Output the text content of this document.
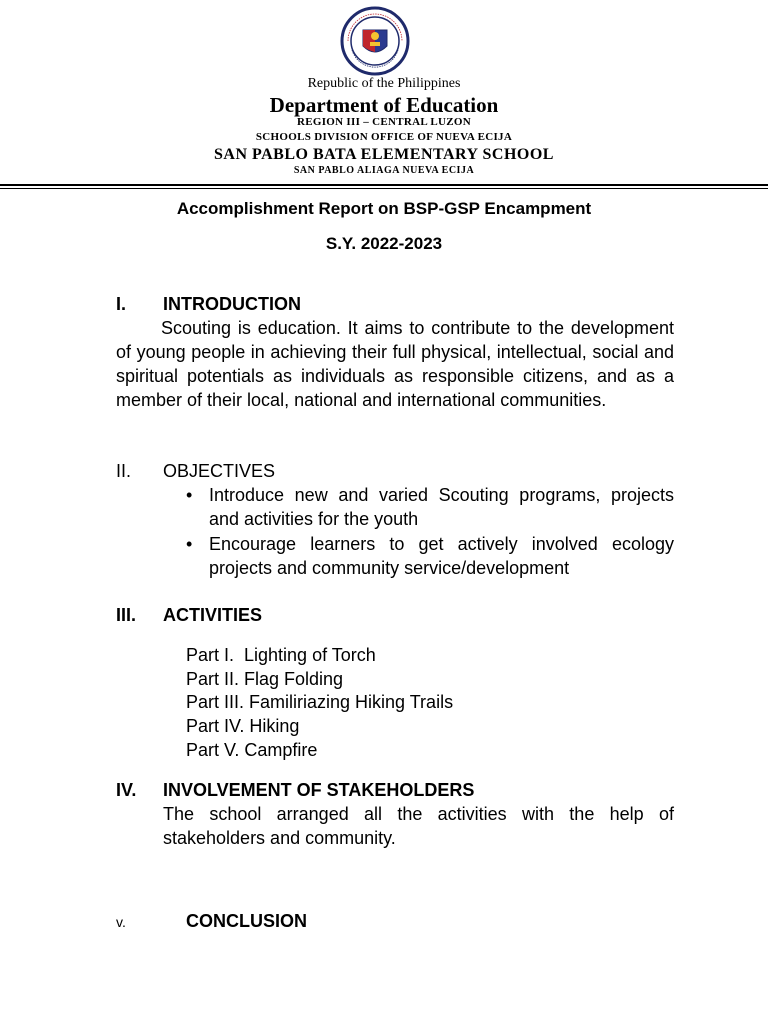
Republic of the Philippines
Department of Education
REGION III – CENTRAL LUZON
SCHOOLS DIVISION OFFICE OF NUEVA ECIJA
SAN PABLO BATA ELEMENTARY SCHOOL
SAN PABLO ALIAGA NUEVA ECIJA
Accomplishment Report on BSP-GSP Encampment
S.Y. 2022-2023
I. INTRODUCTION
Scouting is education. It aims to contribute to the development of young people in achieving their full physical, intellectual, social and spiritual potentials as individuals as responsible citizens, and as a member of their local, national and international communities.
II. OBJECTIVES
• Introduce new and varied Scouting programs, projects and activities for the youth
• Encourage learners to get actively involved ecology projects and community service/development
III. ACTIVITIES
Part I.  Lighting of Torch
Part II. Flag Folding
Part III. Familiriazing Hiking Trails
Part IV. Hiking
Part V. Campfire
IV. INVOLVEMENT OF STAKEHOLDERS
The school arranged all the activities with the help of stakeholders and community.
v.	CONCLUSION
